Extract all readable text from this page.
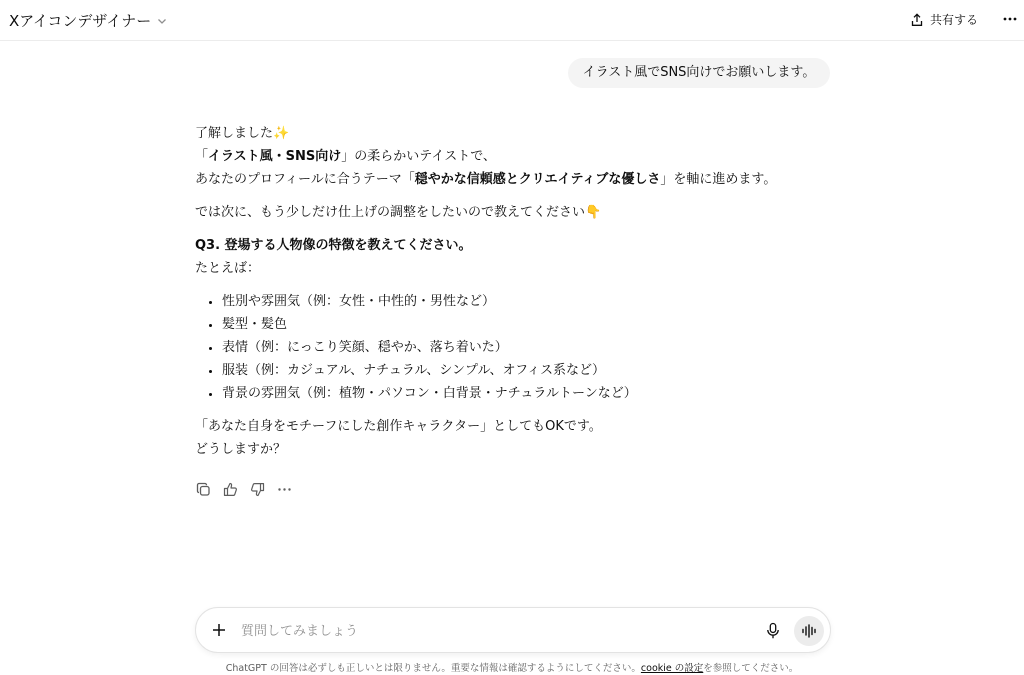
Xアイコンデザイナー	共有する
イラスト風でSNS向けでお願いします。

了解しました✨

「イラスト風・SNS向け」の柔らかいテイストで、

あなたのプロフィールに合うテーマ「穏やかな信頼感とクリエイティブな優しさ」を軸に進めます。

では次に、もう少しだけ仕上げの調整をしたいので教えてください👇

Q3. 登場する人物像の特徴を教えてください。

たとえば：

• 性別や雰囲気（例：女性・中性的・男性など）
• 髪型・髪色
• 表情（例：にっこり笑顔、穏やか、落ち着いた）
• 服装（例：カジュアル、ナチュラル、シンプル、オフィス系など）
• 背景の雰囲気（例：植物・パソコン・白背景・ナチュラルトーンなど）

「あなた自身をモチーフにした創作キャラクター」としてもOKです。

どうしますか？

質問してみましょう
ChatGPT の回答は必ずしも正しいとは限りません。重要な情報は確認するようにしてください。cookie の設定を参照してください。
